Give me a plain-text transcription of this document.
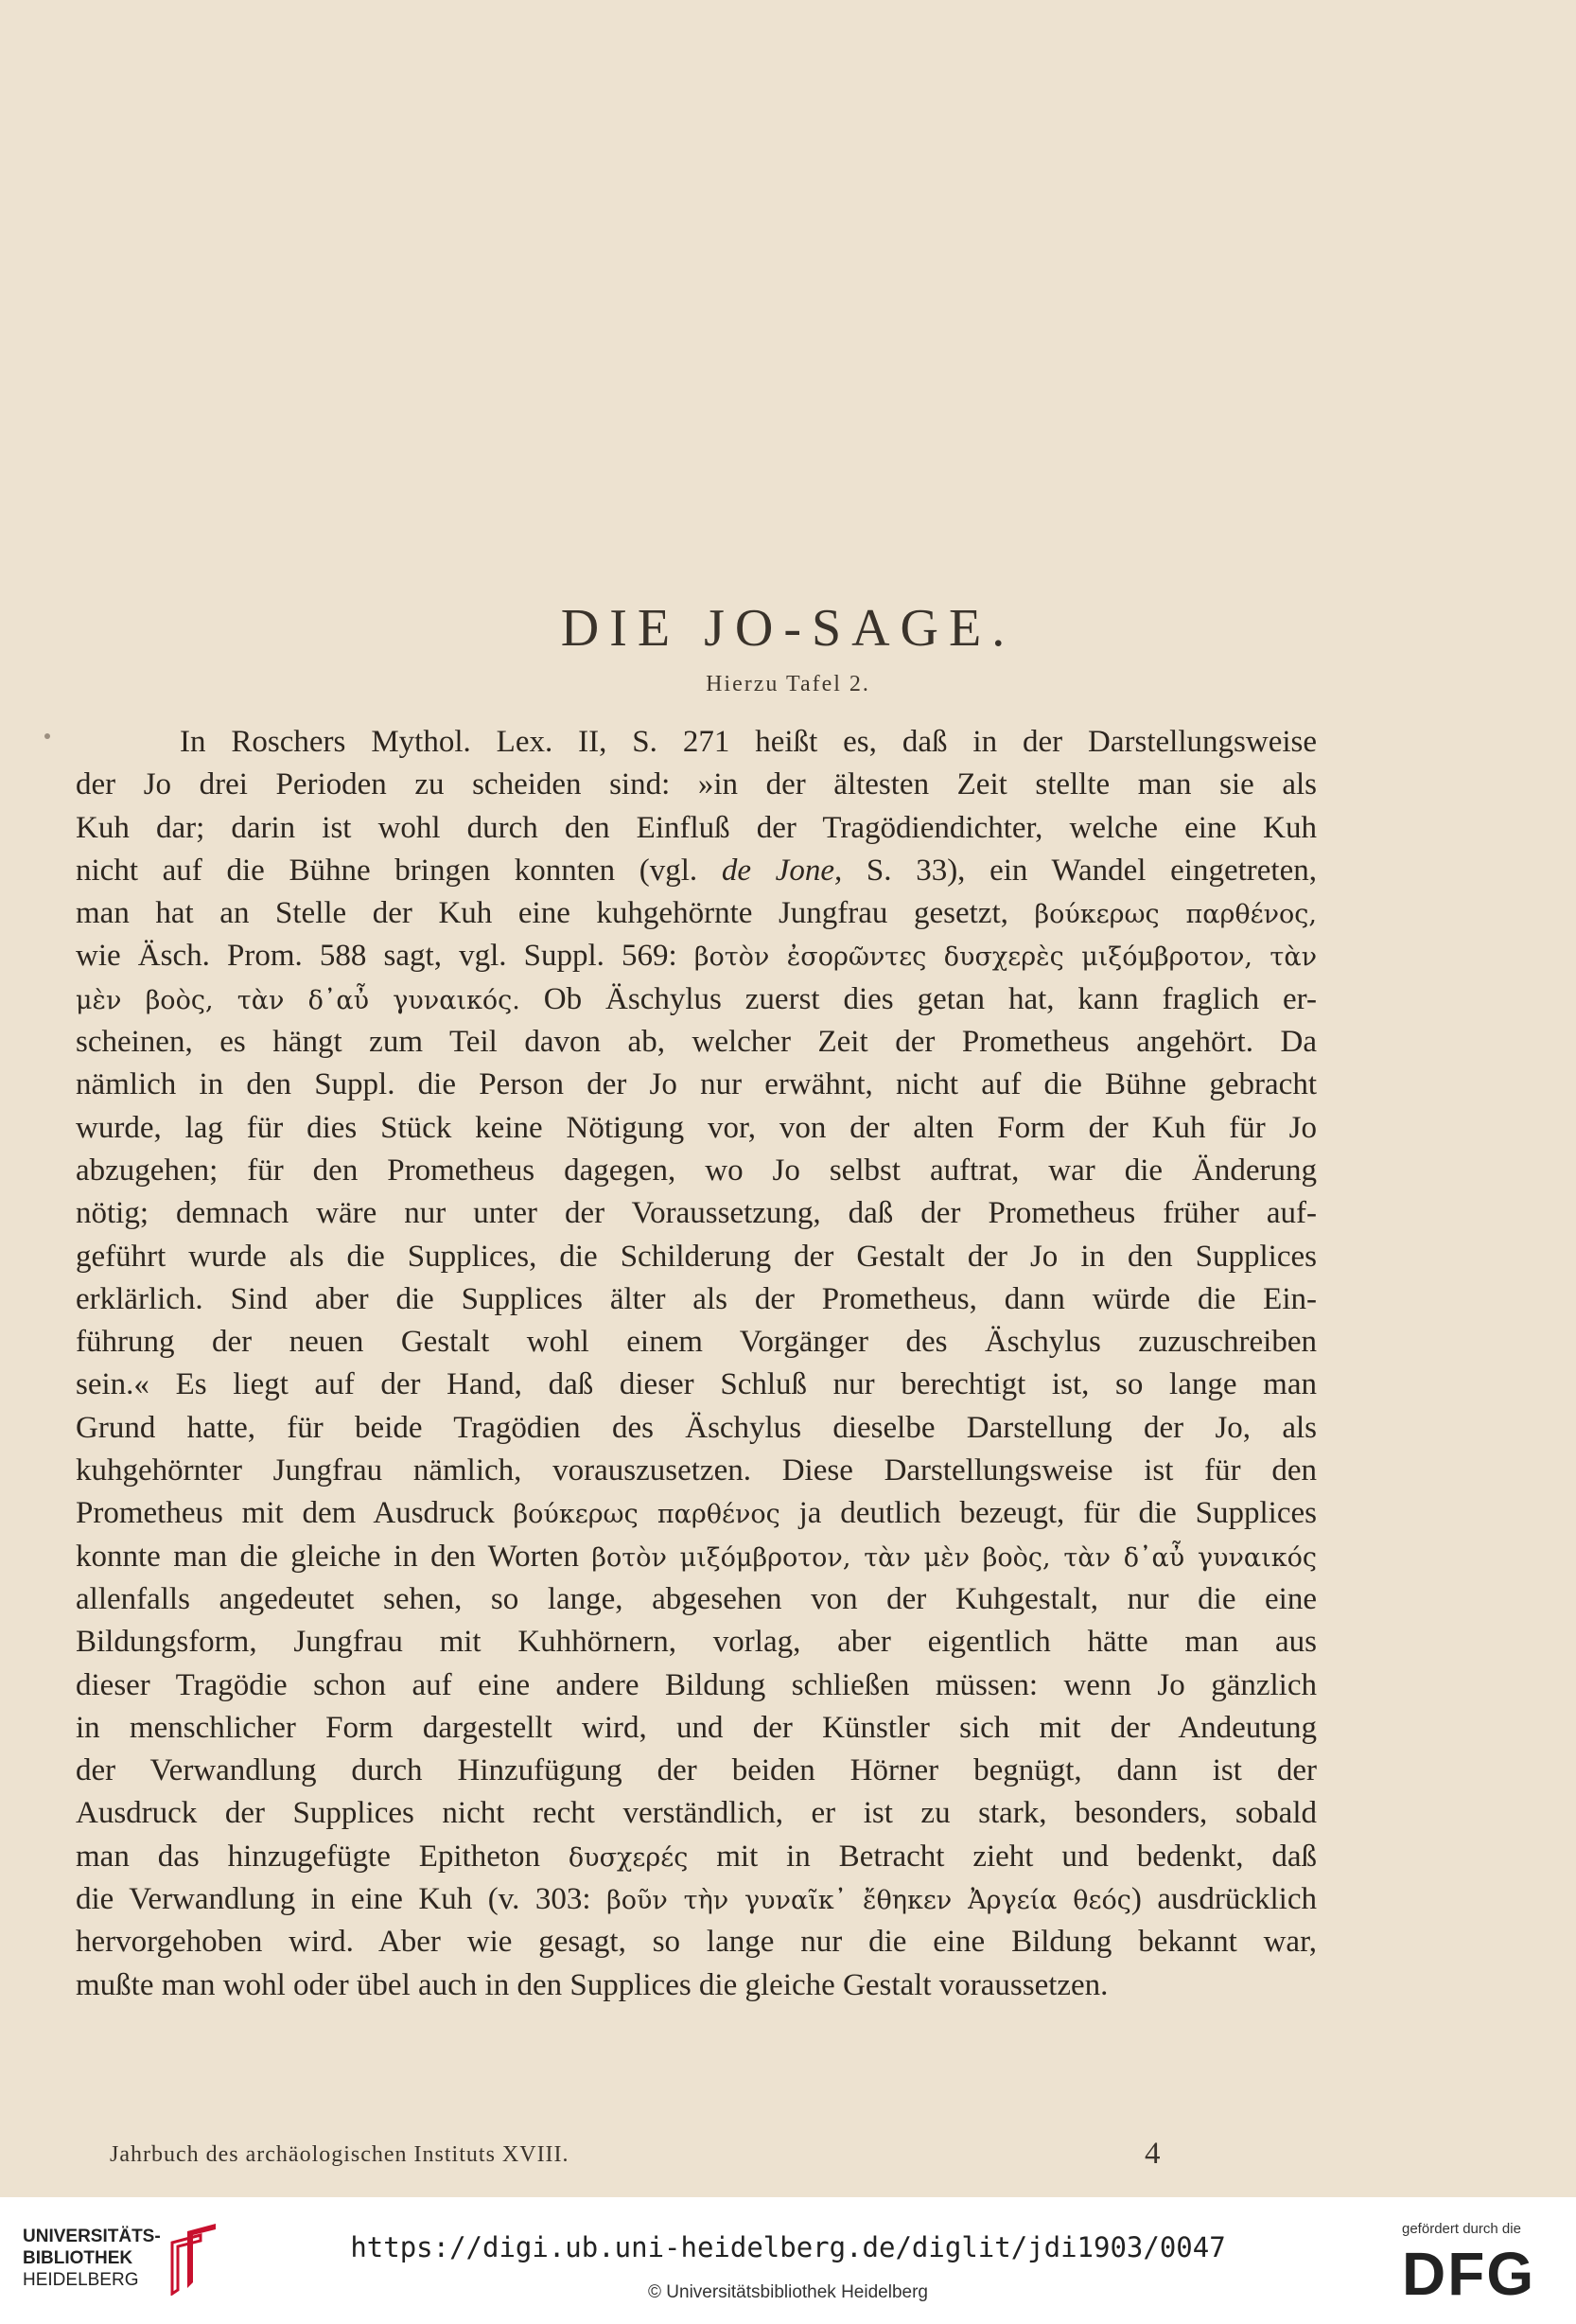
DIE JO-SAGE.
Hierzu Tafel 2.
In Roschers Mythol. Lex. II, S. 271 heißt es, daß in der Darstellungsweise
der Jo drei Perioden zu scheiden sind: »in der ältesten Zeit stellte man sie als
Kuh dar; darin ist wohl durch den Einfluß der Tragödiendichter, welche eine Kuh
nicht auf die Bühne bringen konnten (vgl. de Jone, S. 33), ein Wandel eingetreten,
man hat an Stelle der Kuh eine kuhgehörnte Jungfrau gesetzt, βούκερως παρθένος,
wie Äsch. Prom. 588 sagt, vgl. Suppl. 569: βοτὸν ἐσορῶντες δυσχερὲς μιξόμβροτον, τὰν
μὲν βοὸς, τὰν δ᾽αὖ γυναικός. Ob Äschylus zuerst dies getan hat, kann fraglich er-
scheinen, es hängt zum Teil davon ab, welcher Zeit der Prometheus angehört. Da
nämlich in den Suppl. die Person der Jo nur erwähnt, nicht auf die Bühne gebracht
wurde, lag für dies Stück keine Nötigung vor, von der alten Form der Kuh für Jo
abzugehen; für den Prometheus dagegen, wo Jo selbst auftrat, war die Änderung
nötig; demnach wäre nur unter der Voraussetzung, daß der Prometheus früher auf-
geführt wurde als die Supplices, die Schilderung der Gestalt der Jo in den Supplices
erklärlich. Sind aber die Supplices älter als der Prometheus, dann würde die Ein-
führung der neuen Gestalt wohl einem Vorgänger des Äschylus zuzuschreiben
sein.« Es liegt auf der Hand, daß dieser Schluß nur berechtigt ist, so lange man
Grund hatte, für beide Tragödien des Äschylus dieselbe Darstellung der Jo, als
kuhgehörnter Jungfrau nämlich, vorauszusetzen. Diese Darstellungsweise ist für den
Prometheus mit dem Ausdruck βούκερως παρθένος ja deutlich bezeugt, für die Supplices
konnte man die gleiche in den Worten βοτὸν μιξόμβροτον, τὰν μὲν βοὸς, τὰν δ᾽αὖ γυναικός
allenfalls angedeutet sehen, so lange, abgesehen von der Kuhgestalt, nur die eine
Bildungsform, Jungfrau mit Kuhhörnern, vorlag, aber eigentlich hätte man aus
dieser Tragödie schon auf eine andere Bildung schließen müssen: wenn Jo gänzlich
in menschlicher Form dargestellt wird, und der Künstler sich mit der Andeutung
der Verwandlung durch Hinzufügung der beiden Hörner begnügt, dann ist der
Ausdruck der Supplices nicht recht verständlich, er ist zu stark, besonders, sobald
man das hinzugefügte Epitheton δυσχερές mit in Betracht zieht und bedenkt, daß
die Verwandlung in eine Kuh (v. 303: βοῦν τὴν γυναῖκ᾽ ἔθηκεν Ἀργεία θεός) ausdrücklich
hervorgehoben wird. Aber wie gesagt, so lange nur die eine Bildung bekannt war,
mußte man wohl oder übel auch in den Supplices die gleiche Gestalt voraussetzen.
Jahrbuch des archäologischen Instituts XVIII.	4
UNIVERSITÄTS-
BIBLIOTHEK
HEIDELBERG
https://digi.ub.uni-heidelberg.de/diglit/jdi1903/0047
© Universitätsbibliothek Heidelberg
gefördert durch die
DFG
